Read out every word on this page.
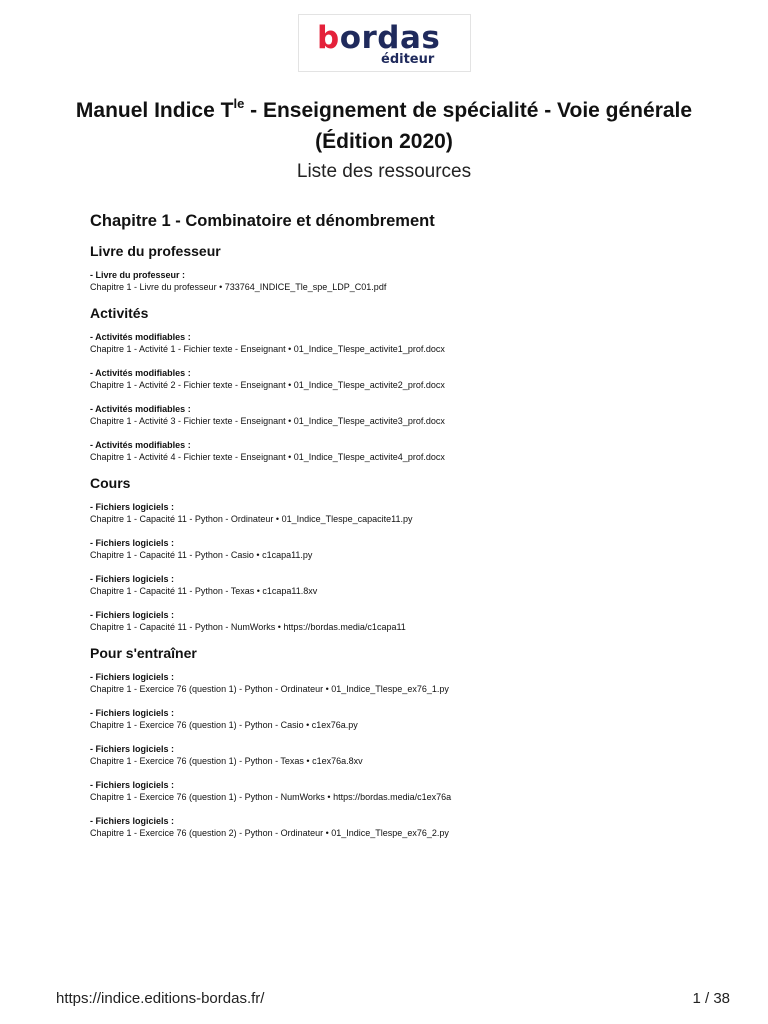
bordas
éditeur
Manuel Indice $T^{le}$ - Enseignement de spécialité - Voie générale (Édition 2020)
Liste des ressources
Chapitre 1 - Combinatoire et dénombrement
Livre du professeur
- Livre du professeur :
Chapitre 1 - Livre du professeur • 733764_INDICE_Tle_spe_LDP_C01.pdf
Activités
- Activités modifiables :
Chapitre 1 - Activité 1 - Fichier texte - Enseignant • 01_Indice_Tlespe_activite1_prof.docx
- Activités modifiables :
Chapitre 1 - Activité 2 - Fichier texte - Enseignant • 01_Indice_Tlespe_activite2_prof.docx
- Activités modifiables :
Chapitre 1 - Activité 3 - Fichier texte - Enseignant • 01_Indice_Tlespe_activite3_prof.docx
- Activités modifiables :
Chapitre 1 - Activité 4 - Fichier texte - Enseignant • 01_Indice_Tlespe_activite4_prof.docx
Cours
- Fichiers logiciels :
Chapitre 1 - Capacité 11 - Python - Ordinateur • 01_Indice_Tlespe_capacite11.py
- Fichiers logiciels :
Chapitre 1 - Capacité 11 - Python - Casio • c1capa11.py
- Fichiers logiciels :
Chapitre 1 - Capacité 11 - Python - Texas • c1capa11.8xv
- Fichiers logiciels :
Chapitre 1 - Capacité 11 - Python - NumWorks • https://bordas.media/c1capa11
Pour s'entraîner
- Fichiers logiciels :
Chapitre 1 - Exercice 76 (question 1) - Python - Ordinateur • 01_Indice_Tlespe_ex76_1.py
- Fichiers logiciels :
Chapitre 1 - Exercice 76 (question 1) - Python - Casio • c1ex76a.py
- Fichiers logiciels :
Chapitre 1 - Exercice 76 (question 1) - Python - Texas • c1ex76a.8xv
- Fichiers logiciels :
Chapitre 1 - Exercice 76 (question 1) - Python - NumWorks • https://bordas.media/c1ex76a
- Fichiers logiciels :
Chapitre 1 - Exercice 76 (question 2) - Python - Ordinateur • 01_Indice_Tlespe_ex76_2.py
https://indice.editions-bordas.fr/	1 / 38
